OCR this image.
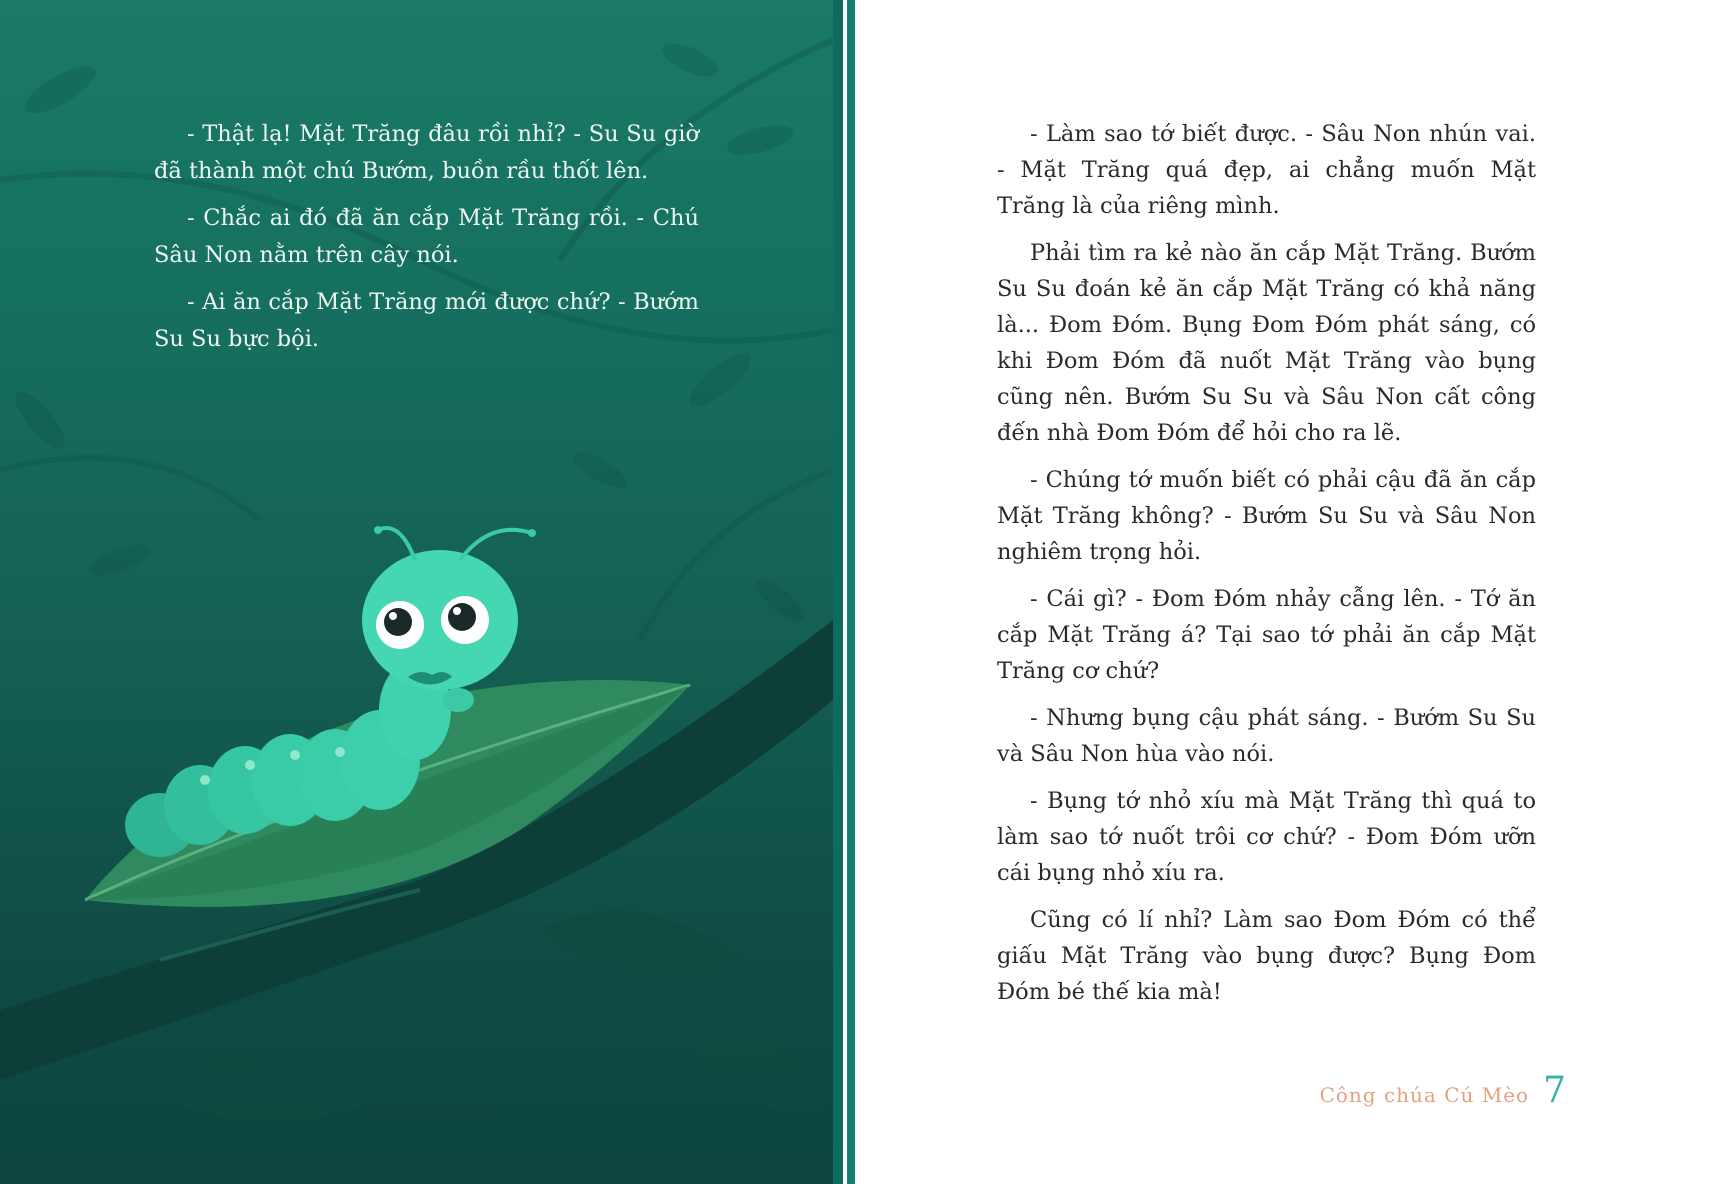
- Thật lạ! Mặt Trăng đâu rồi nhỉ? - Su Su giờ đã thành một chú Bướm, buồn rầu thốt lên.

- Chắc ai đó đã ăn cắp Mặt Trăng rồi. - Chú Sâu Non nằm trên cây nói.

- Ai ăn cắp Mặt Trăng mới được chứ? - Bướm Su Su bực bội.

- Làm sao tớ biết được. - Sâu Non nhún vai. - Mặt Trăng quá đẹp, ai chẳng muốn Mặt Trăng là của riêng mình.

Phải tìm ra kẻ nào ăn cắp Mặt Trăng. Bướm Su Su đoán kẻ ăn cắp Mặt Trăng có khả năng là... Đom Đóm. Bụng Đom Đóm phát sáng, có khi Đom Đóm đã nuốt Mặt Trăng vào bụng cũng nên. Bướm Su Su và Sâu Non cất công đến nhà Đom Đóm để hỏi cho ra lẽ.

- Chúng tớ muốn biết có phải cậu đã ăn cắp Mặt Trăng không? - Bướm Su Su và Sâu Non nghiêm trọng hỏi.

- Cái gì? - Đom Đóm nhảy cẫng lên. - Tớ ăn cắp Mặt Trăng á? Tại sao tớ phải ăn cắp Mặt Trăng cơ chứ?

- Nhưng bụng cậu phát sáng. - Bướm Su Su và Sâu Non hùa vào nói.

- Bụng tớ nhỏ xíu mà Mặt Trăng thì quá to làm sao tớ nuốt trôi cơ chứ? - Đom Đóm ưỡn cái bụng nhỏ xíu ra.

Cũng có lí nhỉ? Làm sao Đom Đóm có thể giấu Mặt Trăng vào bụng được? Bụng Đom Đóm bé thế kia mà!

Công chúa Cú Mèo 7
